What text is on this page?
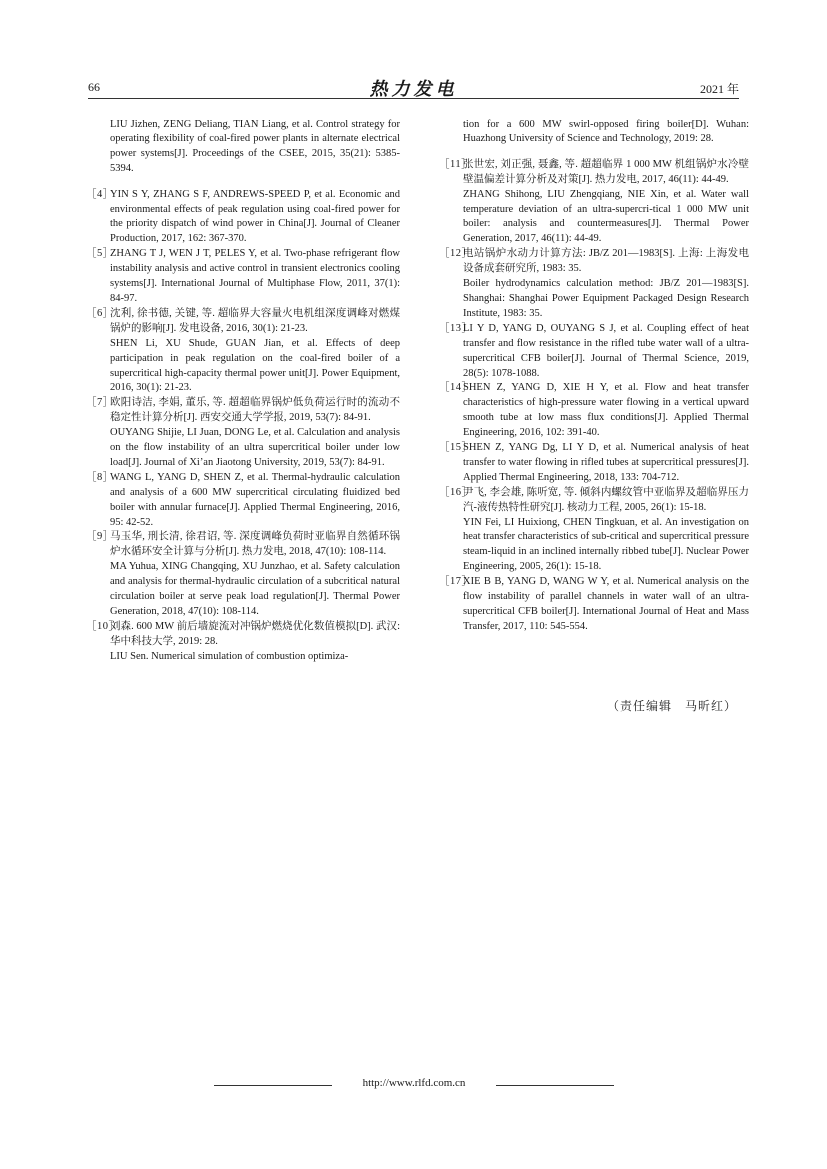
66	热力发电	2021 年

LIU Jizhen, ZENG Deliang, TIAN Liang, et al. Control strategy for operating flexibility of coal-fired power plants in alternate electrical power systems[J]. Proceedings of the CSEE, 2015, 35(21): 5385-5394.

［4］

YIN S Y, ZHANG S F, ANDREWS-SPEED P, et al. Economic and environmental effects of peak regulation using coal-fired power for the priority dispatch of wind power in China[J]. Journal of Cleaner Production, 2017, 162: 367-370.

［5］

ZHANG T J, WEN J T, PELES Y, et al. Two-phase refrigerant flow instability analysis and active control in transient electronics cooling systems[J]. International Journal of Multiphase Flow, 2011, 37(1): 84-97.

［6］

沈利, 徐书德, 关键, 等. 超临界大容量火电机组深度调峰对燃煤锅炉的影响[J]. 发电设备, 2016, 30(1): 21-23.

SHEN Li, XU Shude, GUAN Jian, et al. Effects of deep participation in peak regulation on the coal-fired boiler of a supercritical high-capacity thermal power unit[J]. Power Equipment, 2016, 30(1): 21-23.

［7］

欧阳诗洁, 李娟, 董乐, 等. 超超临界锅炉低负荷运行时的流动不稳定性计算分析[J]. 西安交通大学学报, 2019, 53(7): 84-91.

OUYANG Shijie, LI Juan, DONG Le, et al. Calculation and analysis on the flow instability of an ultra supercritical boiler under low load[J]. Journal of Xi’an Jiaotong University, 2019, 53(7): 84-91.

［8］

WANG L, YANG D, SHEN Z, et al. Thermal-hydraulic calculation and analysis of a 600 MW supercritical circulating fluidized bed boiler with annular furnace[J]. Applied Thermal Engineering, 2016, 95: 42-52.

［9］

马玉华, 刑长清, 徐君诏, 等. 深度调峰负荷时亚临界自然循环锅炉水循环安全计算与分析[J]. 热力发电, 2018, 47(10): 108-114.

MA Yuhua, XING Changqing, XU Junzhao, et al. Safety calculation and analysis for thermal-hydraulic circulation of a subcritical natural circulation boiler at serve peak load regulation[J]. Thermal Power Generation, 2018, 47(10): 108-114.

［10］

刘森. 600 MW 前后墙旋流对冲锅炉燃烧优化数值模拟[D]. 武汉: 华中科技大学, 2019: 28.

LIU Sen. Numerical simulation of combustion optimiza-

tion for a 600 MW swirl-opposed firing boiler[D]. Wuhan: Huazhong University of Science and Technology, 2019: 28.

［11］

张世宏, 刘正强, 聂鑫, 等. 超超临界 1 000 MW 机组锅炉水冷壁壁温偏差计算分析及对策[J]. 热力发电, 2017, 46(11): 44-49.

ZHANG Shihong, LIU Zhengqiang, NIE Xin, et al. Water wall temperature deviation of an ultra-supercri-tical 1 000 MW unit boiler: analysis and countermeasures[J]. Thermal Power Generation, 2017, 46(11): 44-49.

［12］

电站锅炉水动力计算方法: JB/Z 201—1983[S]. 上海: 上海发电设备成套研究所, 1983: 35.

Boiler hydrodynamics calculation method: JB/Z 201—1983[S]. Shanghai: Shanghai Power Equipment Packaged Design Research Institute, 1983: 35.

［13］

LI Y D, YANG D, OUYANG S J, et al. Coupling effect of heat transfer and flow resistance in the rifled tube water wall of a ultra-supercritical CFB boiler[J]. Journal of Thermal Science, 2019, 28(5): 1078-1088.

［14］

SHEN Z, YANG D, XIE H Y, et al. Flow and heat transfer characteristics of high-pressure water flowing in a vertical upward smooth tube at low mass flux conditions[J]. Applied Thermal Engineering, 2016, 102: 391-40.

［15］

SHEN Z, YANG Dg, LI Y D, et al. Numerical analysis of heat transfer to water flowing in rifled tubes at supercritical pressures[J]. Applied Thermal Engineering, 2018, 133: 704-712.

［16］

尹飞, 李会雄, 陈听宽, 等. 倾斜内螺纹管中亚临界及超临界压力汽-液传热特性研究[J]. 核动力工程, 2005, 26(1): 15-18.

YIN Fei, LI Huixiong, CHEN Tingkuan, et al. An investigation on heat transfer characteristics of sub-critical and supercritical pressure steam-liquid in an inclined internally ribbed tube[J]. Nuclear Power Engineering, 2005, 26(1): 15-18.

［17］

XIE B B, YANG D, WANG W Y, et al. Numerical analysis on the flow instability of parallel channels in water wall of an ultra-supercritical CFB boiler[J]. International Journal of Heat and Mass Transfer, 2017, 110: 545-554.

（责任编辑　马昕红）
http://www.rlfd.com.cn
